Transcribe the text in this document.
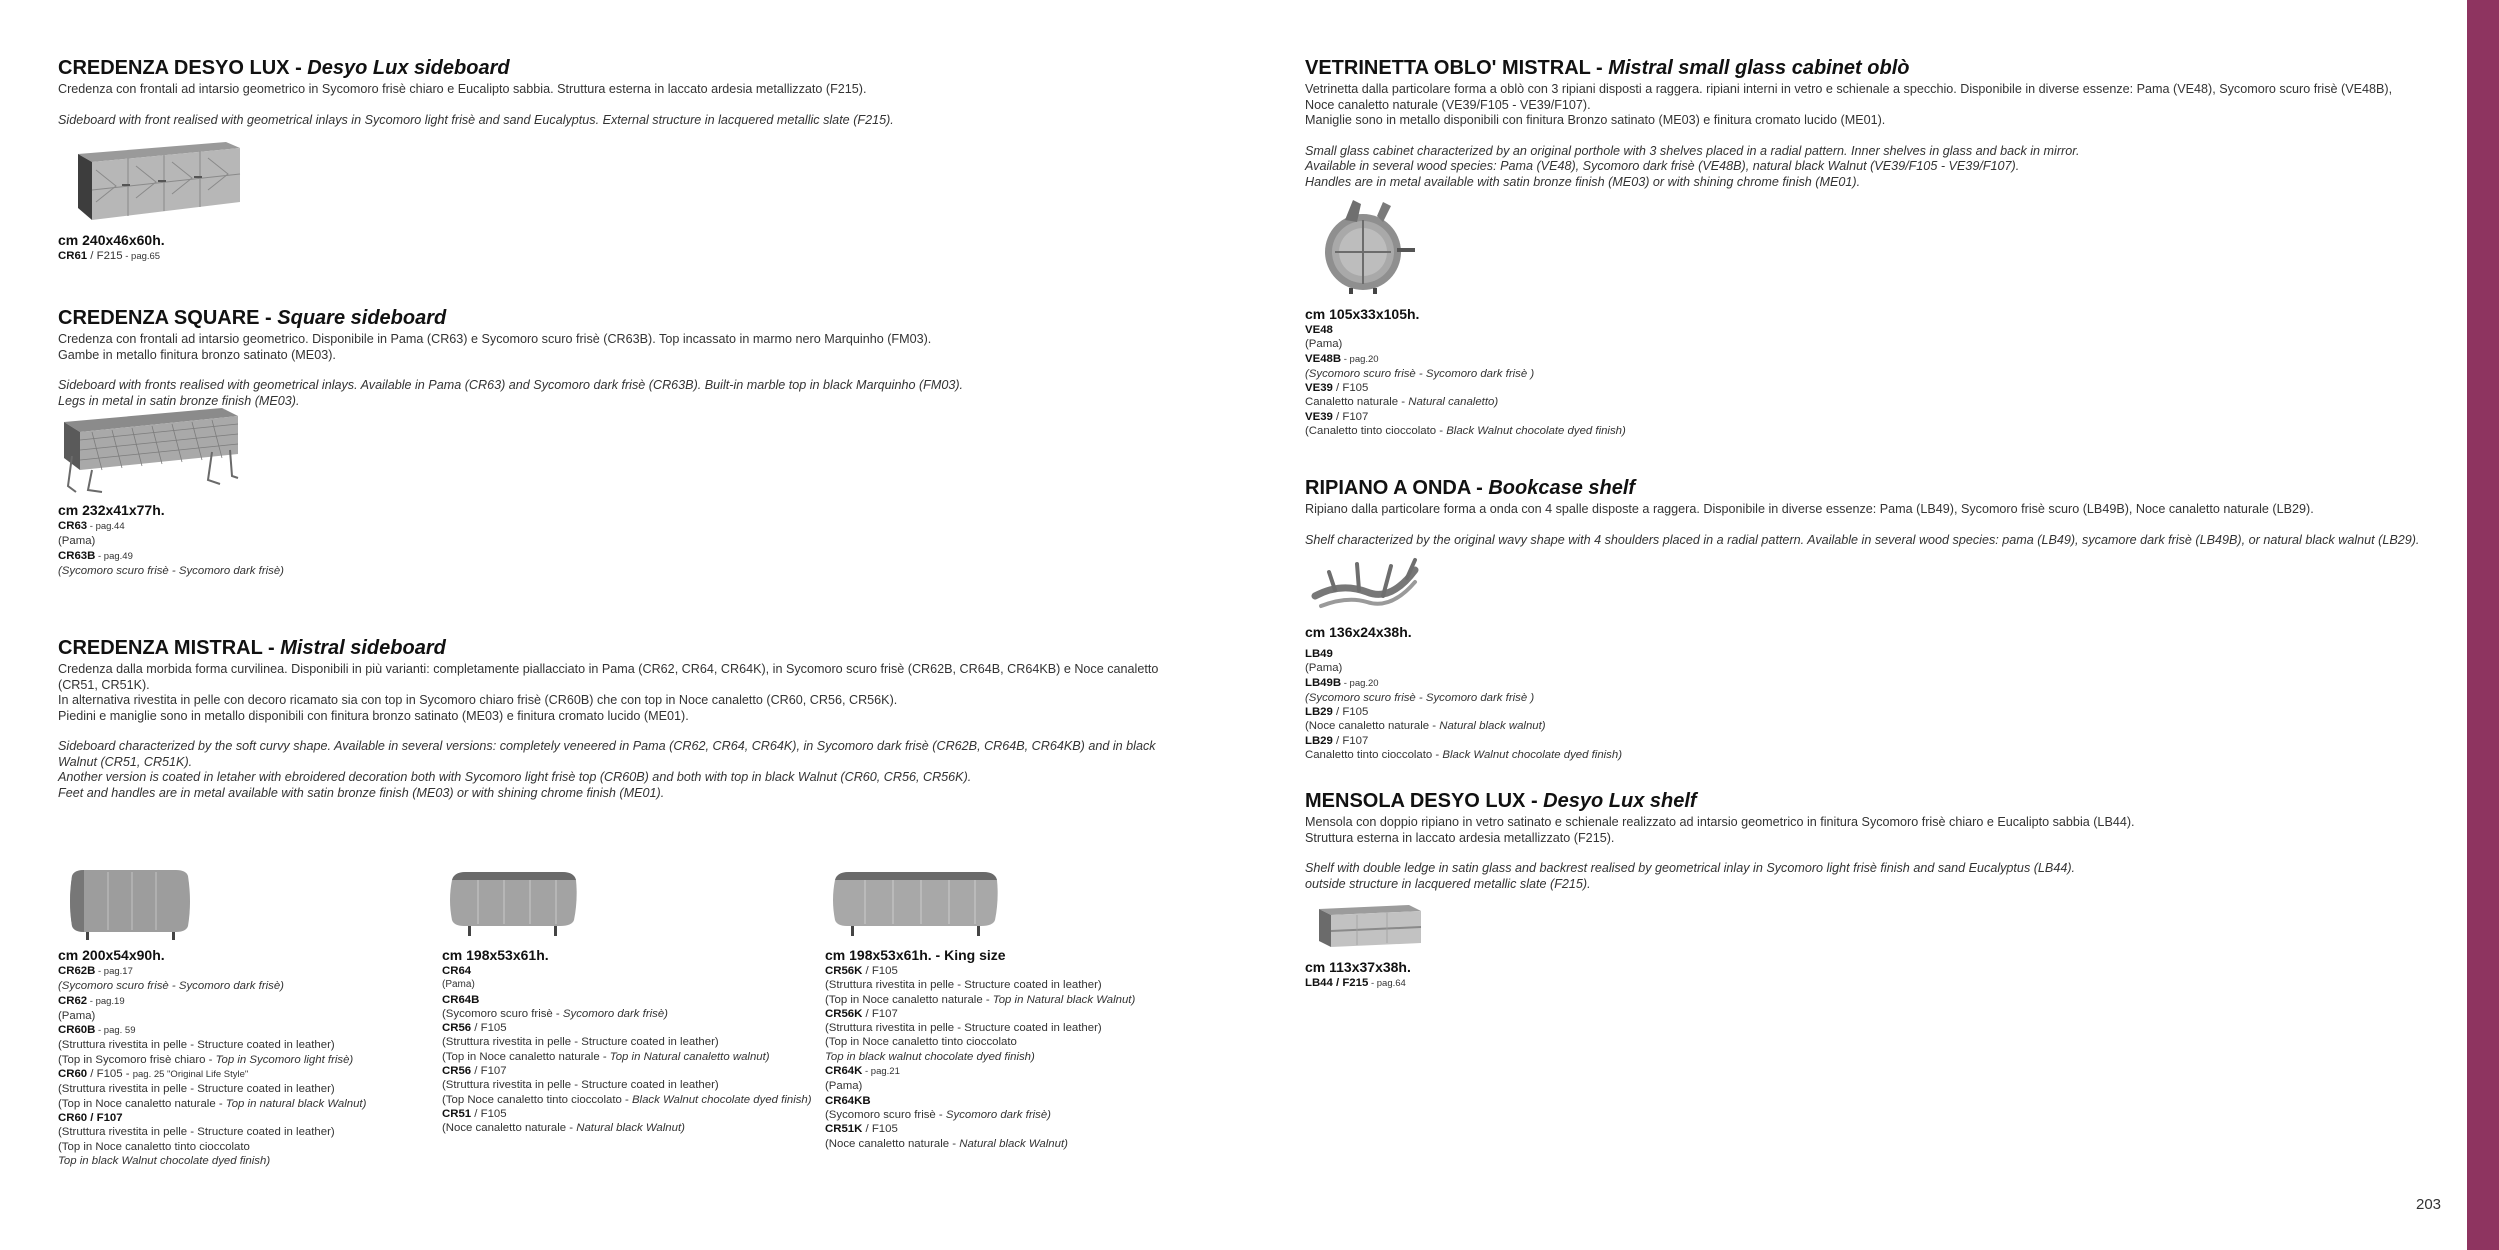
203
CREDENZA DESYO LUX - Desyo Lux sideboard

Credenza con frontali ad intarsio geometrico in Sycomoro frisè chiaro e Eucalipto sabbia. Struttura esterna in laccato ardesia metallizzato (F215).

Sideboard with front realised with geometrical inlays in Sycomoro light frisè and sand Eucalyptus. External structure in lacquered metallic slate (F215).

cm 240x46x60h.
CR61 / F215 - pag.65
CREDENZA SQUARE - Square sideboard

Credenza con frontali ad intarsio geometrico. Disponibile in Pama (CR63) e Sycomoro scuro frisè (CR63B). Top incassato in marmo nero Marquinho (FM03).

Gambe in metallo finitura bronzo satinato (ME03).

Sideboard with fronts realised with geometrical inlays. Available in Pama (CR63) and Sycomoro dark frisè (CR63B). Built-in marble top in black Marquinho (FM03).

Legs in metal in satin bronze finish (ME03).

cm 232x41x77h.
CR63 - pag.44
(Pama)
CR63B - pag.49
(Sycomoro scuro frisè - Sycomoro dark frisè)
CREDENZA MISTRAL - Mistral sideboard

Credenza dalla morbida forma curvilinea. Disponibili in più varianti: completamente piallacciato in Pama (CR62, CR64, CR64K), in Sycomoro scuro frisè (CR62B, CR64B, CR64KB) e Noce canaletto

(CR51, CR51K).

In alternativa rivestita in pelle con decoro ricamato sia con top in Sycomoro chiaro frisè (CR60B) che con top in Noce canaletto (CR60, CR56, CR56K).

Piedini e maniglie sono in metallo disponibili con finitura bronzo satinato (ME03) e finitura cromato lucido (ME01).

Sideboard characterized by the soft curvy shape. Available in several versions: completely veneered in Pama (CR62, CR64, CR64K), in Sycomoro dark frisè (CR62B, CR64B, CR64KB) and in black

Walnut (CR51, CR51K).

Another version is coated in letaher with ebroidered decoration both with Sycomoro light frisè top (CR60B) and both with top in black Walnut (CR60, CR56, CR56K).

Feet and handles are in metal available with satin bronze finish (ME03) or with shining chrome finish (ME01).

cm 200x54x90h.
CR62B - pag.17
(Sycomoro scuro frisè - Sycomoro dark frisè)
CR62 - pag.19
(Pama)
CR60B - pag. 59
(Struttura rivestita in pelle - Structure coated in leather)
(Top in Sycomoro frisè chiaro - Top in Sycomoro light frisè)
CR60 / F105 - pag. 25 "Original Life Style"
(Struttura rivestita in pelle - Structure coated in leather)
(Top in Noce canaletto naturale - Top in natural black Walnut)
CR60 / F107
(Struttura rivestita in pelle - Structure coated in leather)
(Top in Noce canaletto tinto cioccolato
Top in black Walnut chocolate dyed finish)
cm 198x53x61h.
CR64
(Pama)
CR64B
(Sycomoro scuro frisè - Sycomoro dark frisè)
CR56 / F105
(Struttura rivestita in pelle - Structure coated in leather)
(Top in Noce canaletto naturale - Top in Natural canaletto walnut)
CR56 / F107
(Struttura rivestita in pelle - Structure coated in leather)
(Top Noce canaletto tinto cioccolato - Black Walnut chocolate dyed finish)
CR51 / F105
(Noce canaletto naturale - Natural black Walnut)
cm 198x53x61h. - King size
CR56K / F105
(Struttura rivestita in pelle - Structure coated in leather)
(Top in Noce canaletto naturale - Top in Natural black Walnut)
CR56K / F107
(Struttura rivestita in pelle - Structure coated in leather)
(Top in Noce canaletto tinto cioccolato
Top in black walnut chocolate dyed finish)
CR64K - pag.21
(Pama)
CR64KB
(Sycomoro scuro frisè - Sycomoro dark frisè)
CR51K / F105
(Noce canaletto naturale - Natural black Walnut)
VETRINETTA OBLO' MISTRAL - Mistral small glass cabinet oblò

Vetrinetta dalla particolare forma a oblò con 3 ripiani disposti a raggera. ripiani interni in vetro e schienale a specchio. Disponibile in diverse essenze: Pama (VE48), Sycomoro scuro frisè (VE48B),

Noce canaletto naturale (VE39/F105 - VE39/F107).

Maniglie sono in metallo disponibili con finitura Bronzo satinato (ME03) e finitura cromato lucido (ME01).

Small glass cabinet characterized by an original porthole with 3 shelves placed in a radial pattern. Inner shelves in glass and back in mirror.

Available in several wood species: Pama (VE48), Sycomoro dark frisè (VE48B), natural black Walnut (VE39/F105 - VE39/F107).

Handles are in metal available with satin bronze finish (ME03) or with shining chrome finish (ME01).

cm 105x33x105h.
VE48
(Pama)
VE48B - pag.20
(Sycomoro scuro frisè - Sycomoro dark frisè )
VE39 / F105
Canaletto naturale - Natural canaletto)
VE39 / F107
(Canaletto tinto cioccolato - Black Walnut chocolate dyed finish)
RIPIANO A ONDA - Bookcase shelf

Ripiano dalla particolare forma a onda con 4 spalle disposte a raggera. Disponibile in diverse essenze: Pama (LB49), Sycomoro frisè scuro (LB49B), Noce canaletto naturale (LB29).

Shelf characterized by the original wavy shape with 4 shoulders placed in a radial pattern. Available in several wood species: pama (LB49), sycamore dark frisè (LB49B), or natural black walnut (LB29).

cm 136x24x38h.
LB49
(Pama)
LB49B - pag.20
(Sycomoro scuro frisè - Sycomoro dark frisè )
LB29 / F105
(Noce canaletto naturale - Natural black walnut)
LB29 / F107
Canaletto tinto cioccolato - Black Walnut chocolate dyed finish)
MENSOLA DESYO LUX - Desyo Lux shelf

Mensola con doppio ripiano in vetro satinato e schienale realizzato ad intarsio geometrico in finitura Sycomoro frisè chiaro e Eucalipto sabbia (LB44).

Struttura esterna in laccato ardesia metallizzato (F215).

Shelf with double ledge in satin glass and backrest realised by geometrical inlay in Sycomoro light frisè finish and sand Eucalyptus (LB44).

outside structure in lacquered metallic slate (F215).

cm 113x37x38h.
LB44 / F215 - pag.64
